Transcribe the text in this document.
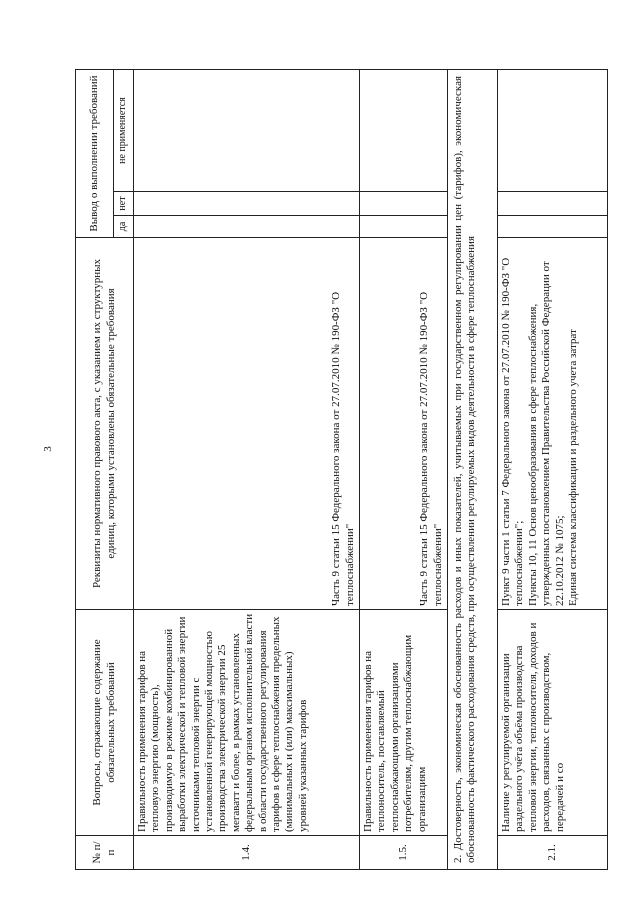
3
№ п/п	Вопросы, отражающие содержание обязательных требований	Реквизиты нормативного правового акта, с указанием их структурных единиц, которыми установлены обязательные требования	Вывод о выполнении требований		
			да	нет	не применяется
1.4.	Правильность применения тарифов на тепловую энергию (мощность), производимую в режиме комбинированной выработки электрической и тепловой энергии источниками тепловой энергии с установленной генерирующей мощностью производства электрической энергии 25 мегаватт и более, в рамках установленных федеральным органом исполнительной власти в области государственного регулирования тарифов в сфере теплоснабжения предельных (минимальных и (или) максимальных) уровней указанных тарифов	Часть 9 статьи 15 Федерального закона от 27.07.2010 № 190-ФЗ "О теплоснабжении"			
1.5.	Правильность применения тарифов на теплоноситель, поставляемый теплоснабжающими организациями потребителям, другим теплоснабжающим организациям	Часть 9 статьи 15 Федерального закона от 27.07.2010 № 190-ФЗ "О теплоснабжении"			
2. Достоверность, экономическая обоснованность расходов и иных показателей, учитываемых при государственном регулировании цен (тарифов), экономическая обоснованность фактического расходования средств, при осуществлении регулируемых видов деятельности в сфере теплоснабжения					
2.1.	Наличие у регулируемой организации раздельного учёта объёма производства тепловой энергии, теплоносителя, доходов и расходов, связанных с производством, передачей и со	Пункт 9 части 1 статьи 7 Федерального закона от 27.07.2010 № 190-ФЗ "О теплоснабжении"; Пункты 10, 11 Основ ценообразования в сфере теплоснабжения, утвержденных постановлением Правительства Российской Федерации от 22.10.2012 № 1075; Единая система классификации и раздельного учета затрат			
